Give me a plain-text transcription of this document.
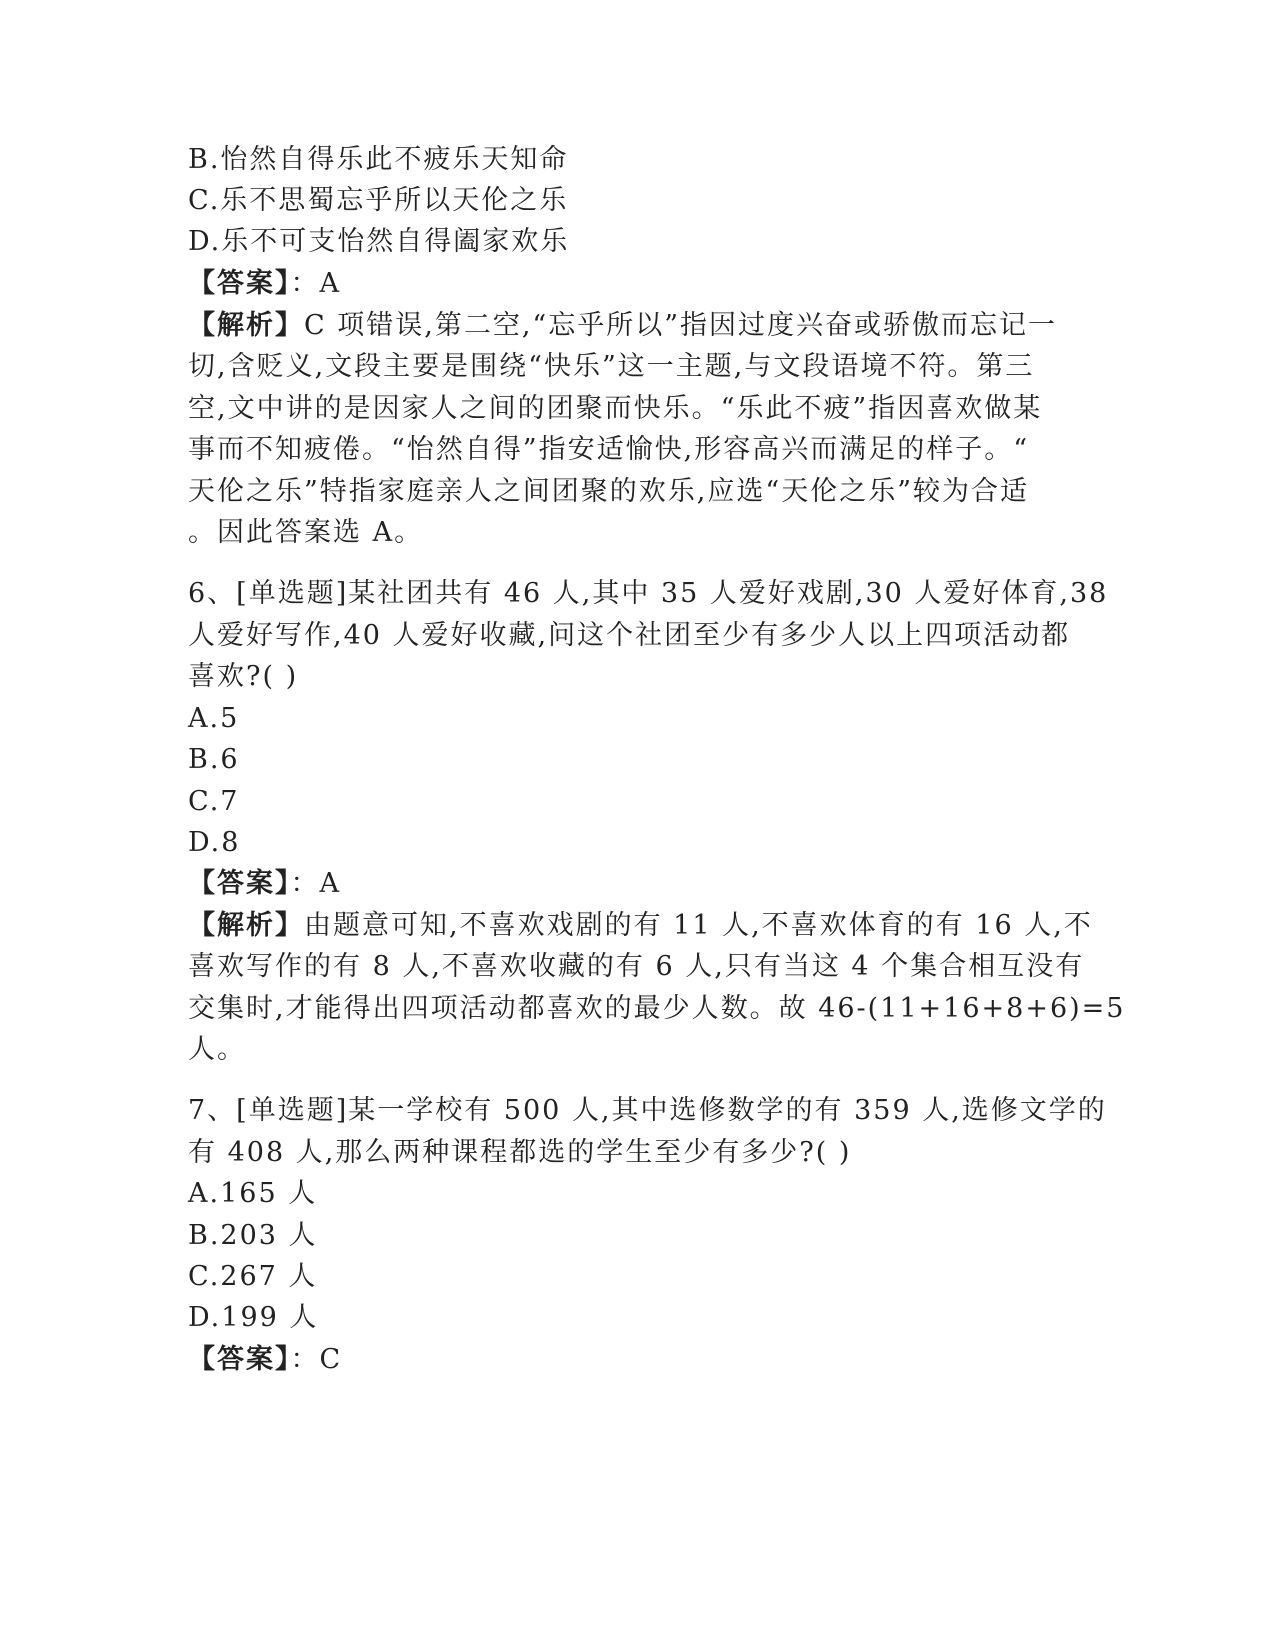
B.怡然自得乐此不疲乐天知命
C.乐不思蜀忘乎所以天伦之乐
D.乐不可支怡然自得阖家欢乐
【答案】：A
【解析】C 项错误,第二空,“忘乎所以”指因过度兴奋或骄傲而忘记一
切,含贬义,文段主要是围绕“快乐”这一主题,与文段语境不符。第三
空,文中讲的是因家人之间的团聚而快乐。“乐此不疲”指因喜欢做某
事而不知疲倦。“怡然自得”指安适愉快,形容高兴而满足的样子。“
天伦之乐”特指家庭亲人之间团聚的欢乐,应选“天伦之乐”较为合适
。因此答案选 A。
6、[单选题]某社团共有 46 人,其中 35 人爱好戏剧,30 人爱好体育,38
人爱好写作,40 人爱好收藏,问这个社团至少有多少人以上四项活动都
喜欢?( )
A.5
B.6
C.7
D.8
【答案】：A
【解析】由题意可知,不喜欢戏剧的有 11 人,不喜欢体育的有 16 人,不
喜欢写作的有 8 人,不喜欢收藏的有 6 人,只有当这 4 个集合相互没有
交集时,才能得出四项活动都喜欢的最少人数。故 46-(11+16+8+6)=5
人。
7、[单选题]某一学校有 500 人,其中选修数学的有 359 人,选修文学的
有 408 人,那么两种课程都选的学生至少有多少?( )
A.165 人
B.203 人
C.267 人
D.199 人
【答案】：C
